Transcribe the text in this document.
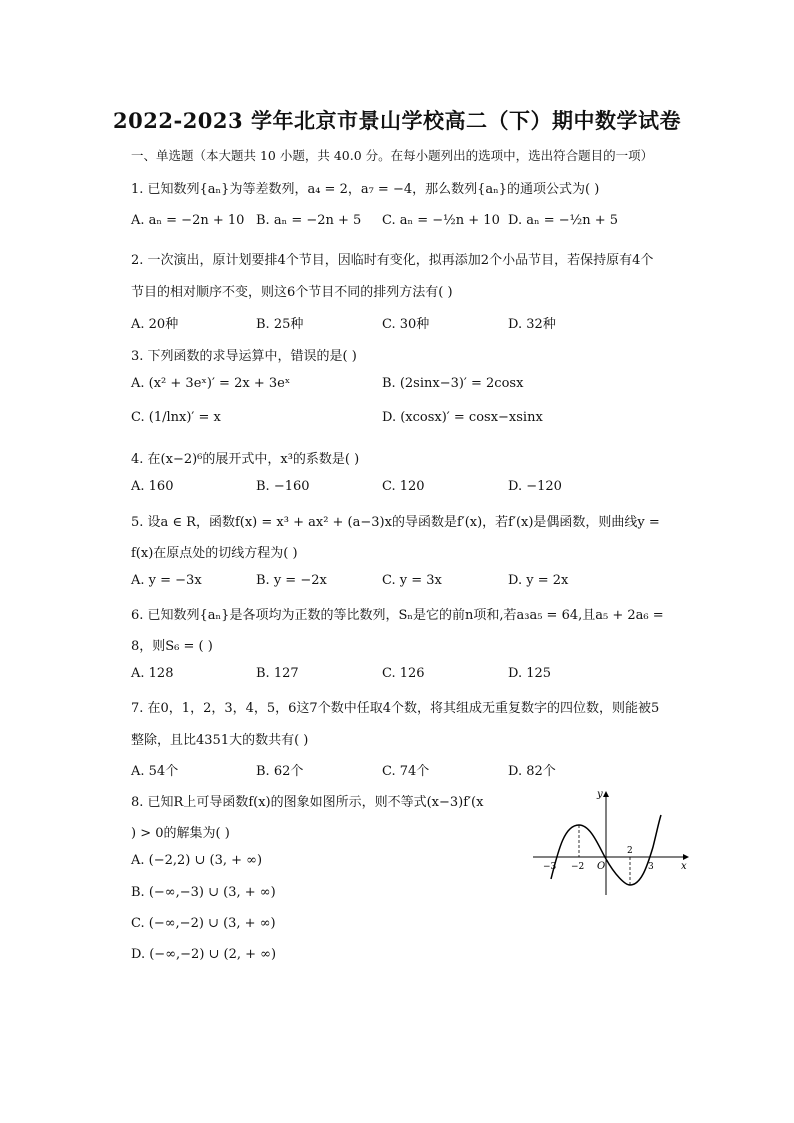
2022-2023 学年北京市景山学校高二（下）期中数学试卷
一、单选题（本大题共 10 小题，共 40.0 分。在每小题列出的选项中，选出符合题目的一项）
1. 已知数列{aₙ}为等差数列，a₄ = 2，a₇ = −4，那么数列{aₙ}的通项公式为( )
A. aₙ = −2n + 10 B. aₙ = −2n + 5 C. aₙ = −½n + 10 D. aₙ = −½n + 5
2. 一次演出，原计划要排4个节目，因临时有变化，拟再添加2个小品节目，若保持原有4个
节目的相对顺序不变，则这6个节目不同的排列方法有( )
A. 20种	B. 25种	C. 30种	D. 32种
3. 下列函数的求导运算中，错误的是( )
A. (x² + 3eˣ)′ = 2x + 3eˣ	B. (2sinx−3)′ = 2cosx
C. (1/lnx)′ = x	D. (xcosx)′ = cosx−xsinx
4. 在(x−2)⁶的展开式中，x³的系数是( )
A. 160	B. −160	C. 120	D. −120
5. 设a ∈ R，函数f(x) = x³ + ax² + (a−3)x的导函数是f′(x)，若f′(x)是偶函数，则曲线y =
f(x)在原点处的切线方程为( )
A. y = −3x	B. y = −2x	C. y = 3x	D. y = 2x
6. 已知数列{aₙ}是各项均为正数的等比数列，Sₙ是它的前n项和,若a₃a₅ = 64,且a₅ + 2a₆ =
8，则S₆ = ( )
A. 128	B. 127	C. 126	D. 125
7. 在0，1，2，3，4，5，6这7个数中任取4个数，将其组成无重复数字的四位数，则能被5
整除，且比4351大的数共有( )
A. 54个	B. 62个	C. 74个	D. 82个
8. 已知R上可导函数f(x)的图象如图所示，则不等式(x−3)f′(x
) > 0的解集为( )
A. (−2,2) ∪ (3, + ∞)
B. (−∞,−3) ∪ (3, + ∞)
C. (−∞,−2) ∪ (3, + ∞)
D. (−∞,−2) ∪ (2, + ∞)
y
x
O
−3 −2
2
3
